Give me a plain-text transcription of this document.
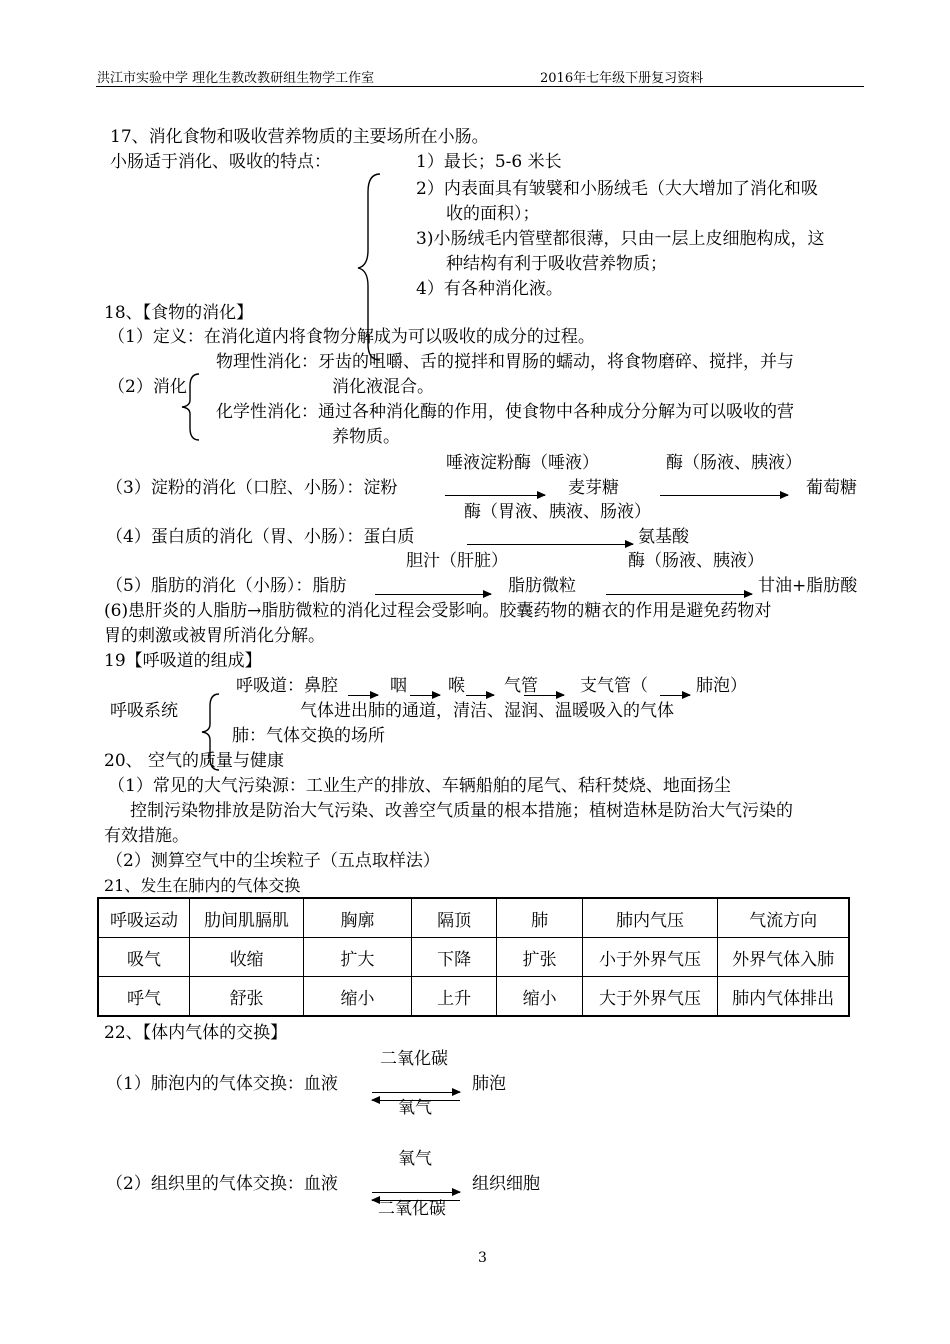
洪江市实验中学 理化生教改教研组生物学工作室	2016年七年级下册复习资料
17、消化食物和吸收营养物质的主要场所在小肠。
小肠适于消化、吸收的特点：	1）最长；5-6 米长
2）内表面具有皱襞和小肠绒毛（大大增加了消化和吸
收的面积）；
3)小肠绒毛内管壁都很薄，只由一层上皮细胞构成，这
种结构有利于吸收营养物质；
4）有各种消化液。
18、【食物的消化】
（1）定义：在消化道内将食物分解成为可以吸收的成分的过程。
物理性消化：牙齿的咀嚼、舌的搅拌和胃肠的蠕动，将食物磨碎、搅拌，并与
消化液混合。
（2）消化
化学性消化：通过各种消化酶的作用，使食物中各种成分分解为可以吸收的营
养物质。
唾液淀粉酶（唾液）	酶（肠液、胰液）
（3）淀粉的消化（口腔、小肠）：淀粉	麦芽糖	葡萄糖
酶（胃液、胰液、肠液）
氨基酸
（4）蛋白质的消化（胃、小肠）：蛋白质
胆汁（肝脏）	酶（肠液、胰液）
（5）脂肪的消化（小肠）：脂肪	脂肪微粒	甘油+脂肪酸
(6)患肝炎的人脂肪→脂肪微粒的消化过程会受影响。胶囊药物的糖衣的作用是避免药物对
胃的刺激或被胃所消化分解。
19【呼吸道的组成】
呼吸道：鼻腔	咽 喉 气管 支气管（	肺泡）
呼吸系统	气体进出肺的通道，清洁、湿润、温暖吸入的气体
肺：气体交换的场所
20、 空气的质量与健康
（1）常见的大气污染源：工业生产的排放、车辆船舶的尾气、秸秆焚烧、地面扬尘
控制污染物排放是防治大气污染、改善空气质量的根本措施；植树造林是防治大气污染的
有效措施。
（2）测算空气中的尘埃粒子（五点取样法）
21、发生在肺内的气体交换
呼吸运动	肋间肌膈肌	胸廓	隔顶	肺	肺内气压	气流方向
吸气	收缩	扩大	下降	扩张	小于外界气压	外界气体入肺
呼气	舒张	缩小	上升	缩小	大于外界气压	肺内气体排出
22、【体内气体的交换】
二氧化碳
（1）肺泡内的气体交换：血液	肺泡
氧气
氧气
（2）组织里的气体交换：血液	组织细胞
二氧化碳
3
